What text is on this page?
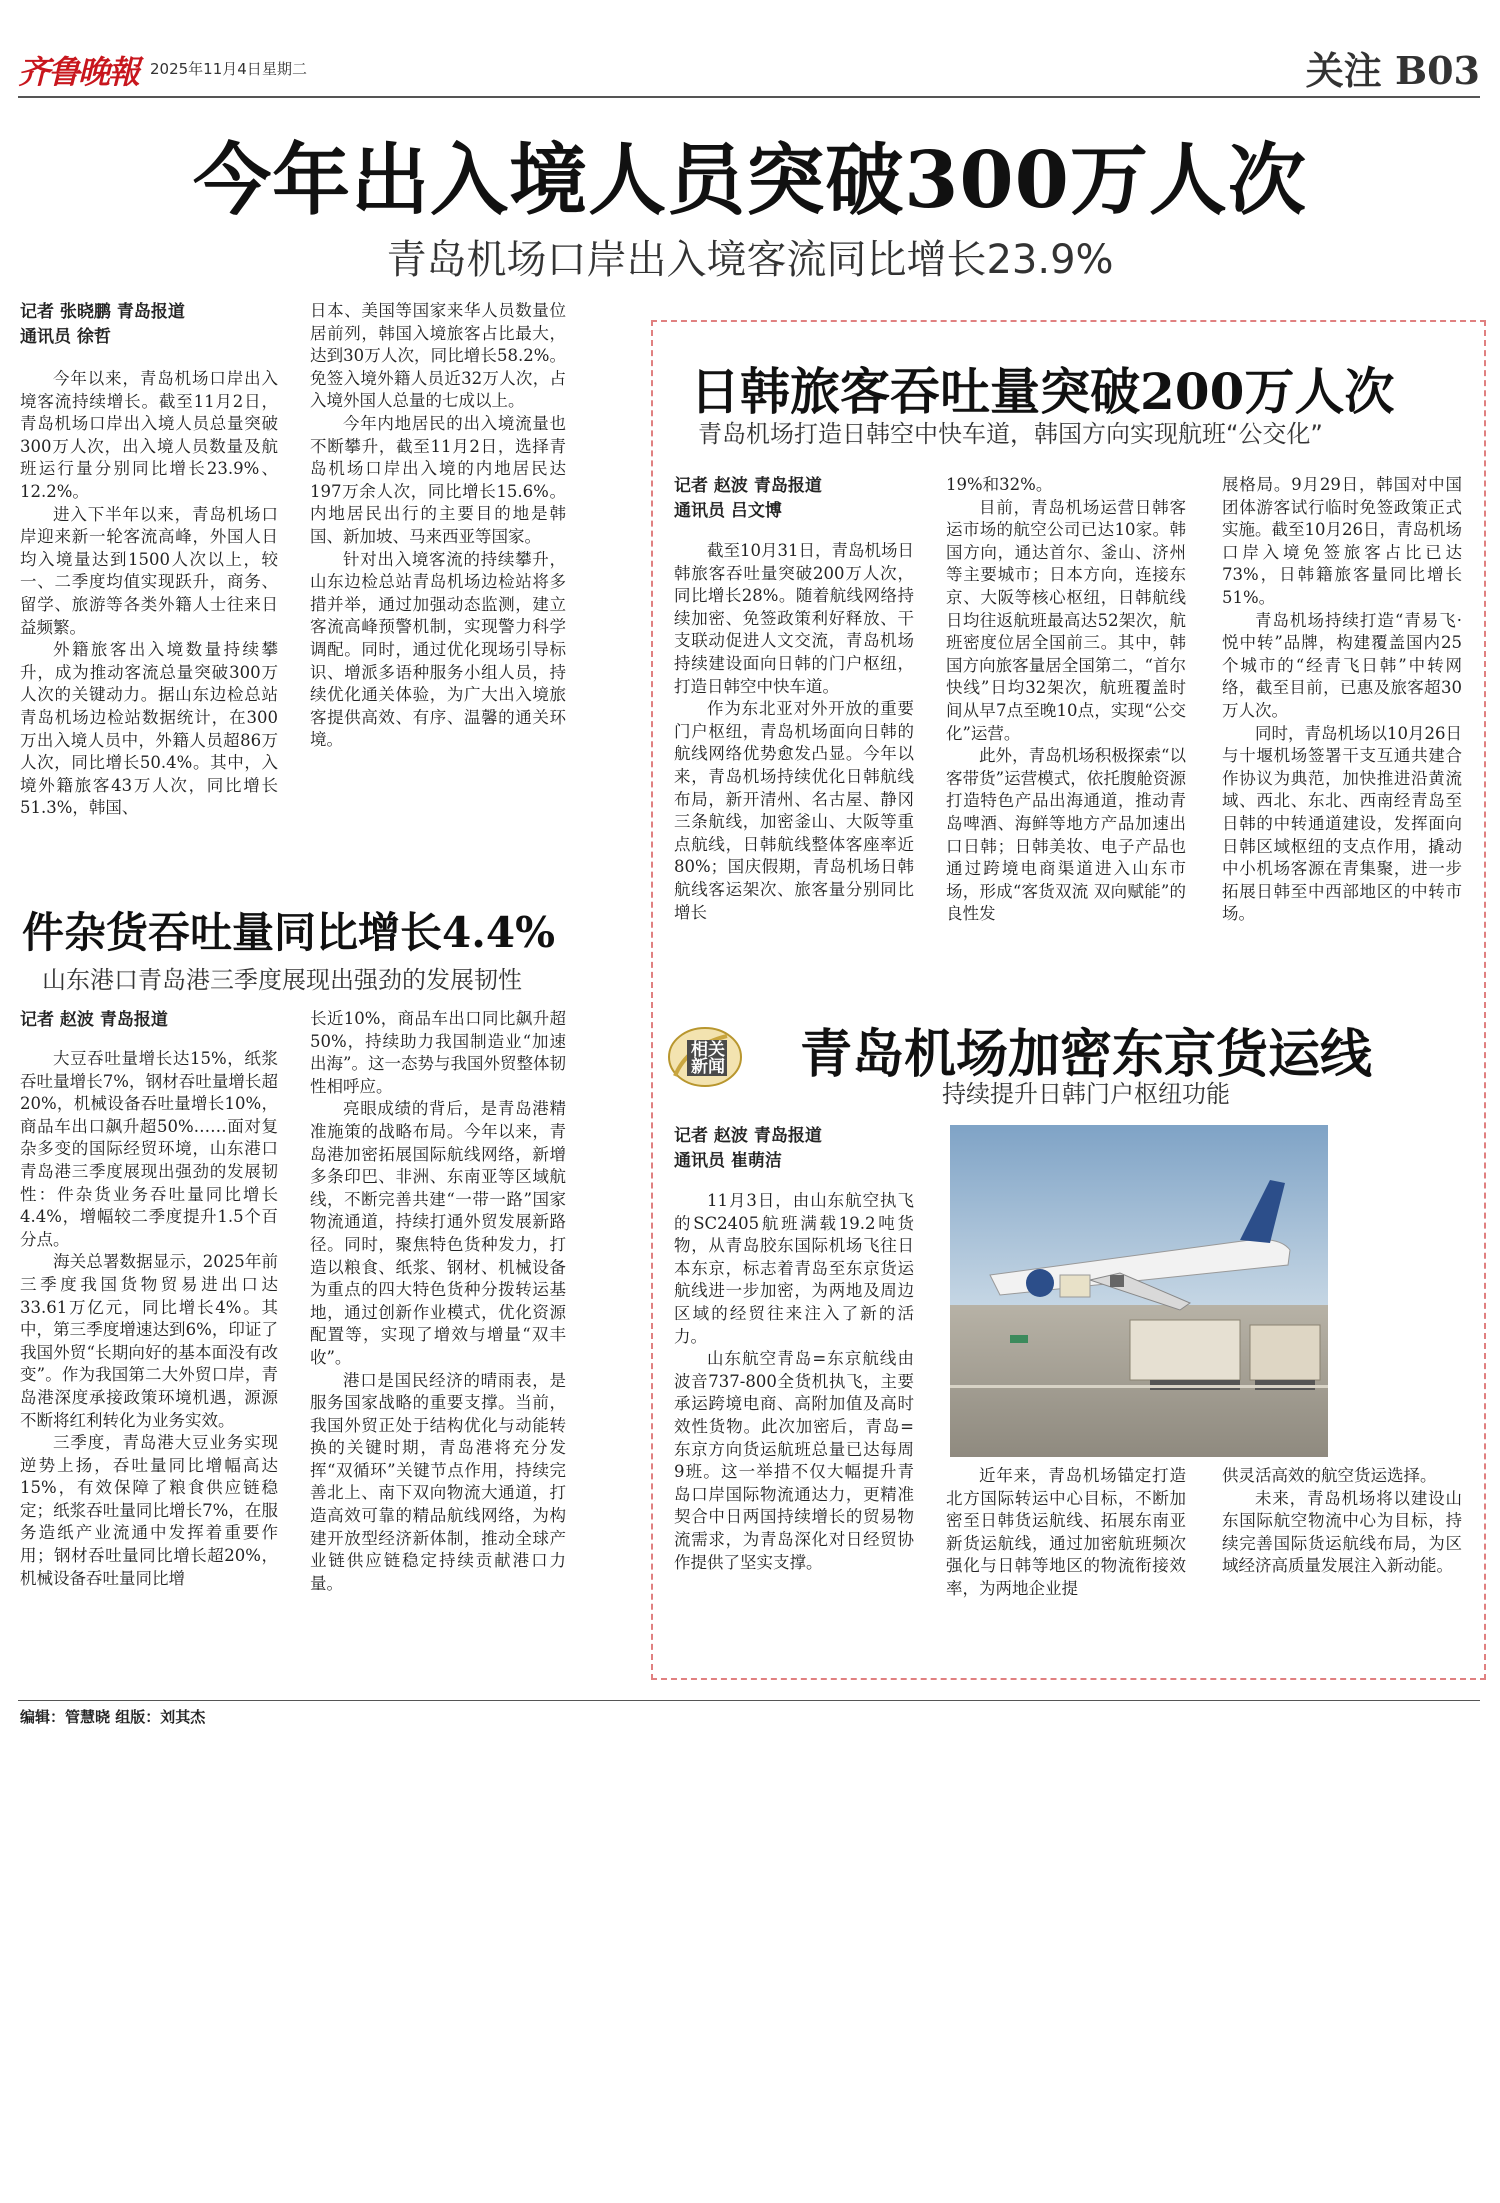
齐鲁晚報 2025年11月4日 星期二	关注 B03
今年出入境人员突破300万人次
青岛机场口岸出入境客流同比增长23.9%
记者 张晓鹏 青岛报道
通讯员 徐哲

今年以来，青岛机场口岸出入境客流持续增长。截至11月2日，青岛机场口岸出入境人员总量突破300万人次，出入境人员数量及航班运行量分别同比增长23.9%、12.2%。

进入下半年以来，青岛机场口岸迎来新一轮客流高峰，外国人日均入境量达到1500人次以上，较一、二季度均值实现跃升，商务、留学、旅游等各类外籍人士往来日益频繁。

外籍旅客出入境数量持续攀升，成为推动客流总量突破300万人次的关键动力。据山东边检总站青岛机场边检站数据统计，在300万出入境人员中，外籍人员超86万人次，同比增长50.4%。其中，入境外籍旅客43万人次，同比增长51.3%，韩国、

日本、美国等国家来华人员数量位居前列，韩国入境旅客占比最大，达到30万人次，同比增长58.2%。免签入境外籍人员近32万人次，占入境外国人总量的七成以上。

今年内地居民的出入境流量也不断攀升，截至11月2日，选择青岛机场口岸出入境的内地居民达197万余人次，同比增长15.6%。内地居民出行的主要目的地是韩国、新加坡、马来西亚等国家。

针对出入境客流的持续攀升，山东边检总站青岛机场边检站将多措并举，通过加强动态监测，建立客流高峰预警机制，实现警力科学调配。同时，通过优化现场引导标识、增派多语种服务小组人员，持续优化通关体验，为广大出入境旅客提供高效、有序、温馨的通关环境。

件杂货吞吐量同比增长4.4%
山东港口青岛港三季度展现出强劲的发展韧性
记者 赵波 青岛报道

大豆吞吐量增长达15%，纸浆吞吐量增长7%，钢材吞吐量增长超20%，机械设备吞吐量增长10%，商品车出口飙升超50%……面对复杂多变的国际经贸环境，山东港口青岛港三季度展现出强劲的发展韧性：件杂货业务吞吐量同比增长4.4%，增幅较二季度提升1.5个百分点。

海关总署数据显示，2025年前三季度我国货物贸易进出口达33.61万亿元，同比增长4%。其中，第三季度增速达到6%，印证了我国外贸“长期向好的基本面没有改变”。作为我国第二大外贸口岸，青岛港深度承接政策环境机遇，源源不断将红利转化为业务实效。

三季度，青岛港大豆业务实现逆势上扬，吞吐量同比增幅高达15%，有效保障了粮食供应链稳定；纸浆吞吐量同比增长7%，在服务造纸产业流通中发挥着重要作用；钢材吞吐量同比增长超20%，机械设备吞吐量同比增

长近10%，商品车出口同比飙升超50%，持续助力我国制造业“加速出海”。这一态势与我国外贸整体韧性相呼应。

亮眼成绩的背后，是青岛港精准施策的战略布局。今年以来，青岛港加密拓展国际航线网络，新增多条印巴、非洲、东南亚等区域航线，不断完善共建“一带一路”国家物流通道，持续打通外贸发展新路径。同时，聚焦特色货种发力，打造以粮食、纸浆、钢材、机械设备为重点的四大特色货种分拨转运基地，通过创新作业模式，优化资源配置等，实现了增效与增量“双丰收”。

港口是国民经济的晴雨表，是服务国家战略的重要支撑。当前，我国外贸正处于结构优化与动能转换的关键时期，青岛港将充分发挥“双循环”关键节点作用，持续完善北上、南下双向物流大通道，打造高效可靠的精品航线网络，为构建开放型经济新体制，推动全球产业链供应链稳定持续贡献港口力量。

日韩旅客吞吐量突破200万人次
青岛机场打造日韩空中快车道，韩国方向实现航班“公交化”
记者 赵波 青岛报道
通讯员 吕文博

截至10月31日，青岛机场日韩旅客吞吐量突破200万人次，同比增长28%。随着航线网络持续加密、免签政策利好释放、干支联动促进人文交流，青岛机场持续建设面向日韩的门户枢纽，打造日韩空中快车道。

作为东北亚对外开放的重要门户枢纽，青岛机场面向日韩的航线网络优势愈发凸显。今年以来，青岛机场持续优化日韩航线布局，新开清州、名古屋、静冈三条航线，加密釜山、大阪等重点航线，日韩航线整体客座率近80%；国庆假期，青岛机场日韩航线客运架次、旅客量分别同比增长

19%和32%。

目前，青岛机场运营日韩客运市场的航空公司已达10家。韩国方向，通达首尔、釜山、济州等主要城市；日本方向，连接东京、大阪等核心枢纽，日韩航线日均往返航班最高达52架次，航班密度位居全国前三。其中，韩国方向旅客量居全国第二，“首尔快线”日均32架次，航班覆盖时间从早7点至晚10点，实现“公交化”运营。

此外，青岛机场积极探索“以客带货”运营模式，依托腹舱资源打造特色产品出海通道，推动青岛啤酒、海鲜等地方产品加速出口日韩；日韩美妆、电子产品也通过跨境电商渠道进入山东市场，形成“客货双流 双向赋能”的良性发

展格局。9月29日，韩国对中国团体游客试行临时免签政策正式实施。截至10月26日，青岛机场口岸入境免签旅客占比已达73%，日韩籍旅客量同比增长51%。

青岛机场持续打造“青易飞·悦中转”品牌，构建覆盖国内25个城市的“经青飞日韩”中转网络，截至目前，已惠及旅客超30万人次。

同时，青岛机场以10月26日与十堰机场签署干支互通共建合作协议为典范，加快推进沿黄流域、西北、东北、西南经青岛至日韩的中转通道建设，发挥面向日韩区域枢纽的支点作用，撬动中小机场客源在青集聚，进一步拓展日韩至中西部地区的中转市场。

相关新闻 青岛机场加密东京货运线
持续提升日韩门户枢纽功能
记者 赵波 青岛报道
通讯员 崔萌洁

11月3日，由山东航空执飞的SC2405航班满载19.2吨货物，从青岛胶东国际机场飞往日本东京，标志着青岛至东京货运航线进一步加密，为两地及周边区域的经贸往来注入了新的活力。

山东航空青岛=东京航线由波音737-800全货机执飞，主要承运跨境电商、高附加值及高时效性货物。此次加密后，青岛=东京方向货运航班总量已达每周9班。这一举措不仅大幅提升青岛口岸国际物流通达力，更精准契合中日两国持续增长的贸易物流需求，为青岛深化对日经贸协作提供了坚实支撑。

近年来，青岛机场锚定打造北方国际转运中心目标，不断加密至日韩货运航线、拓展东南亚新货运航线，通过加密航班频次强化与日韩等地区的物流衔接效率，为两地企业提

供灵活高效的航空货运选择。

未来，青岛机场将以建设山东国际航空物流中心为目标，持续完善国际货运航线布局，为区域经济高质量发展注入新动能。

编辑：管慧晓 组版：刘其杰
